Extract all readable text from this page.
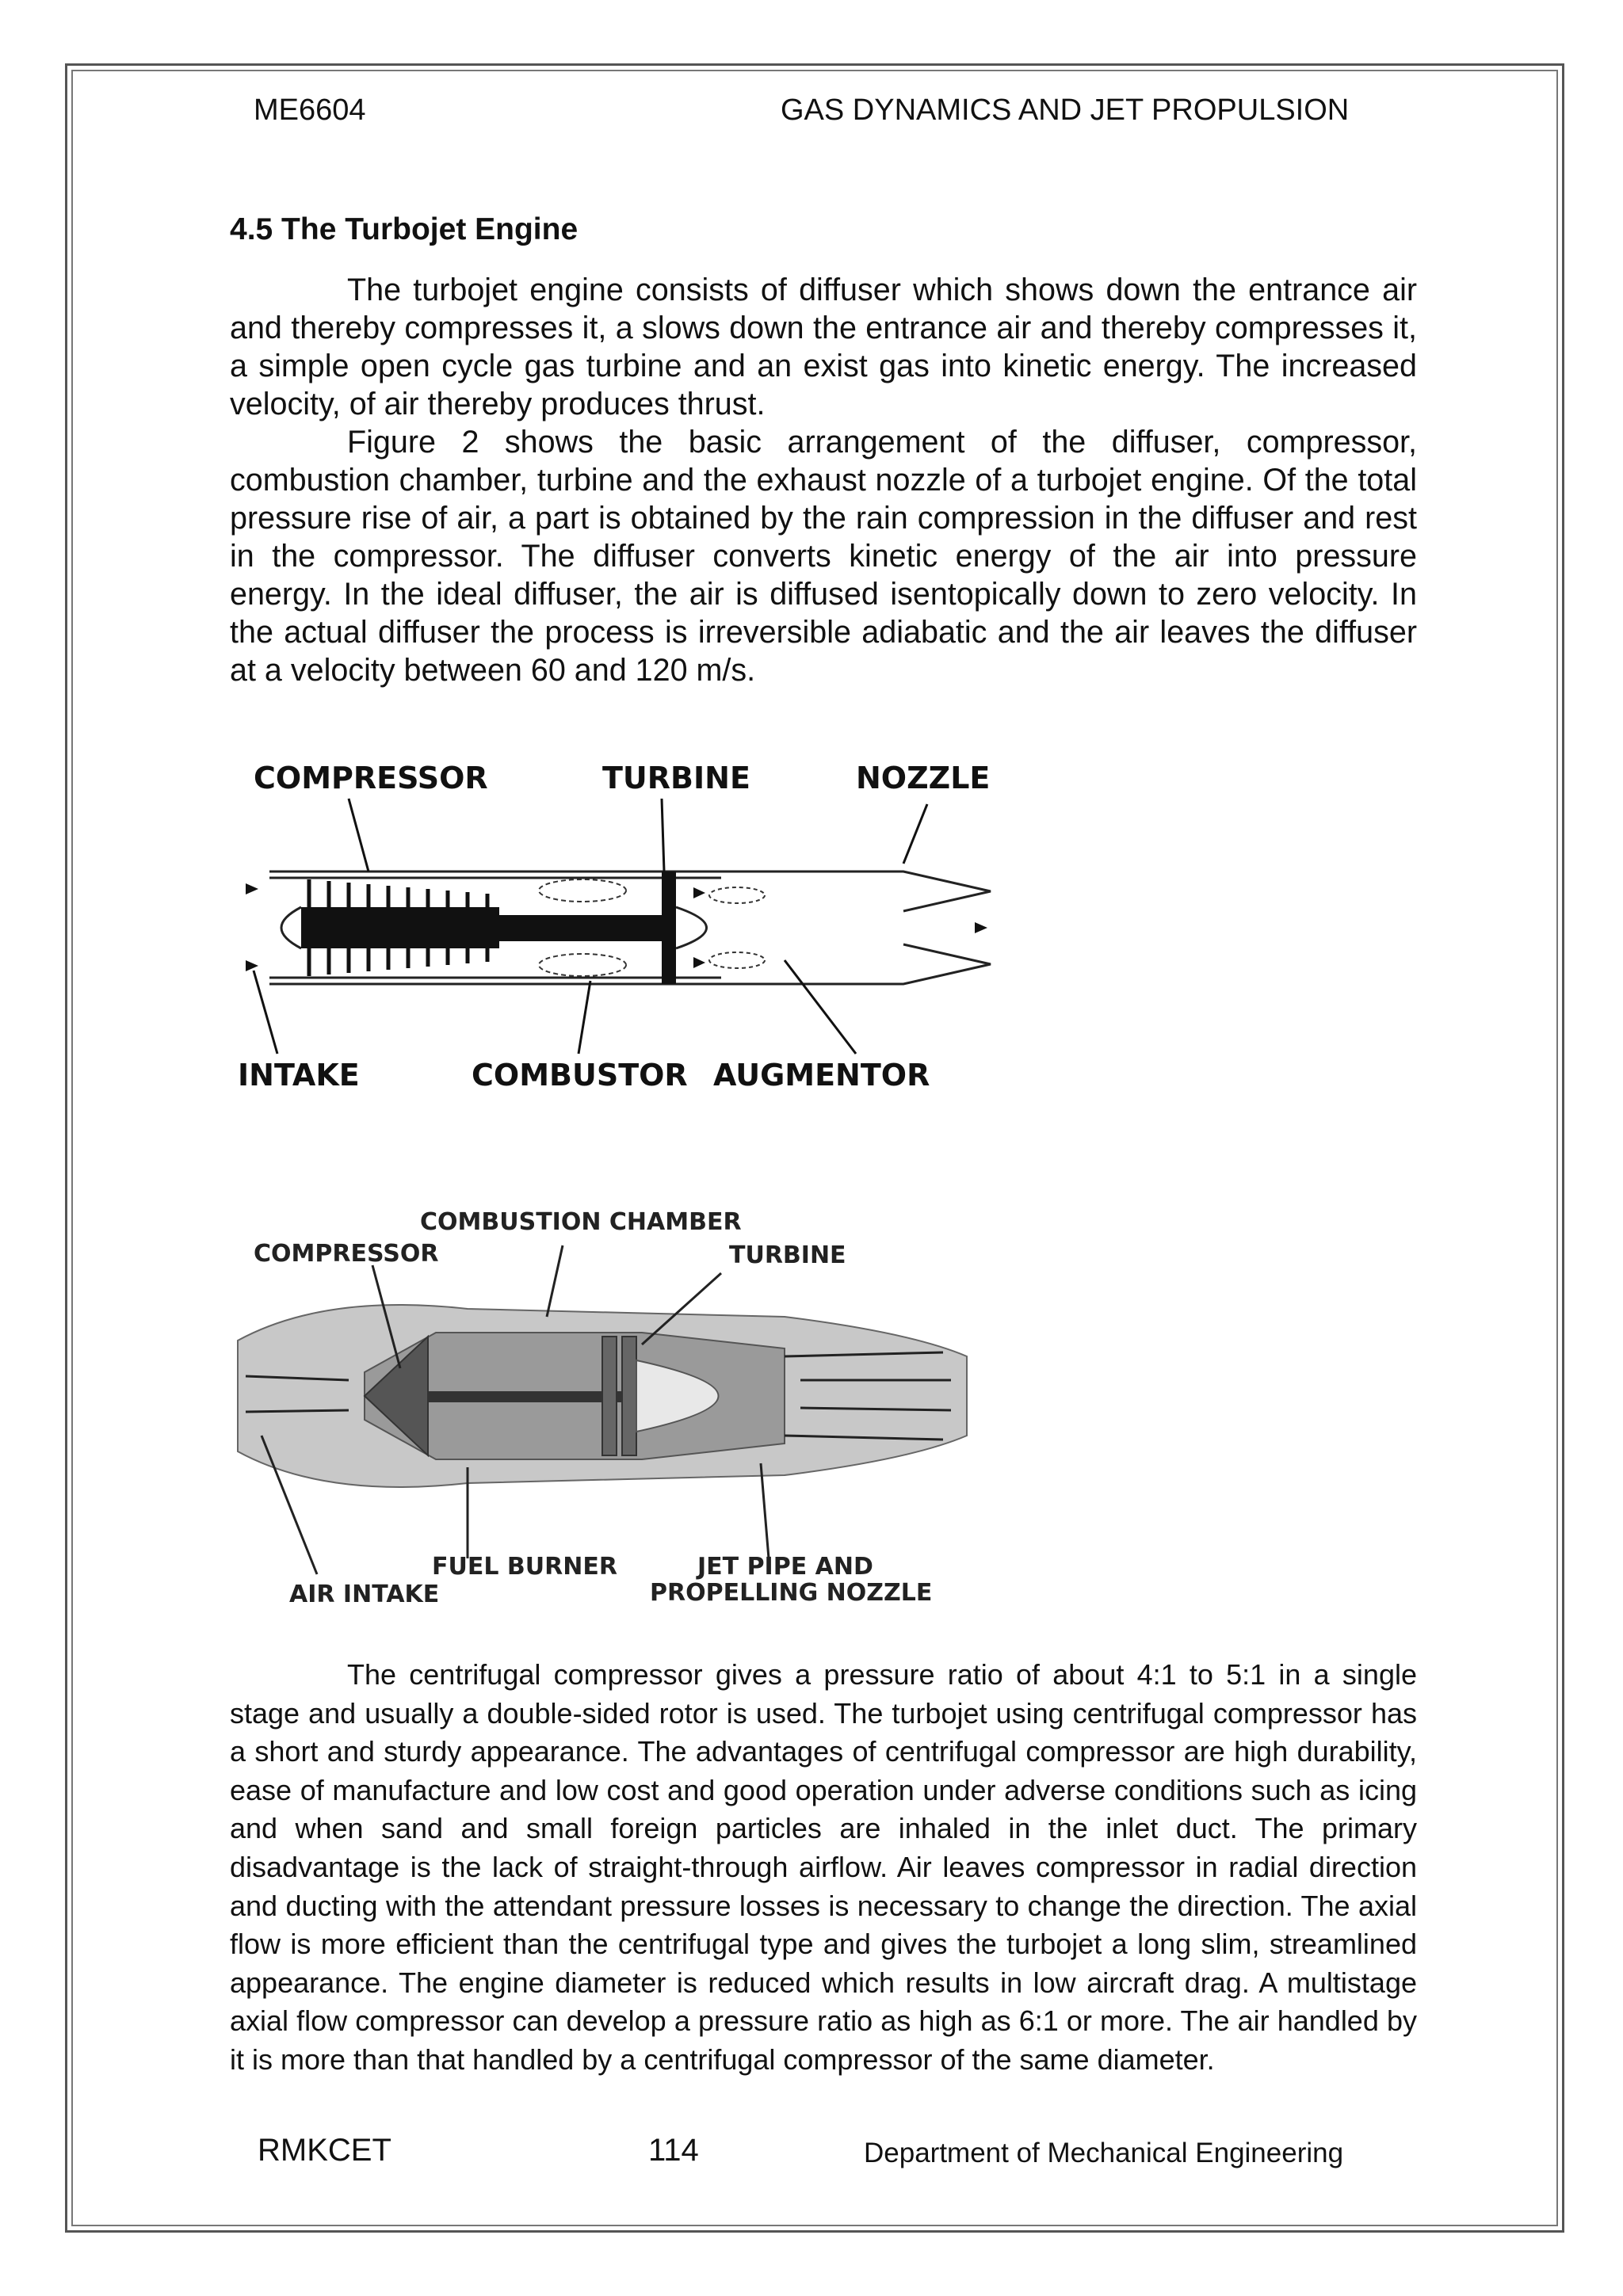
ME6604	GAS DYNAMICS AND JET PROPULSION
4.5 The Turbojet Engine

The turbojet engine consists of diffuser which shows down the entrance air and thereby compresses it, a slows down the entrance air and thereby compresses it, a simple open cycle gas turbine and an exist gas into kinetic energy. The increased velocity, of air thereby produces thrust.

Figure 2 shows the basic arrangement of the diffuser, compressor, combustion chamber, turbine and the exhaust nozzle of a turbojet engine. Of the total pressure rise of air, a part is obtained by the rain compression in the diffuser and rest in the compressor. The diffuser converts kinetic energy of the air into pressure energy. In the ideal diffuser, the air is diffused isentopically down to zero velocity. In the actual diffuser the process is irreversible adiabatic and the air leaves the diffuser at a velocity between 60 and 120 m/s.

COMPRESSOR	TURBINE	NOZZLE
INTAKE	COMBUSTOR AUGMENTOR
COMBUSTION CHAMBER
COMPRESSOR	TURBINE
FUEL BURNER
AIR INTAKE
JET PIPE AND
PROPELLING NOZZLE

The centrifugal compressor gives a pressure ratio of about 4:1 to 5:1 in a single stage and usually a double-sided rotor is used. The turbojet using centrifugal compressor has a short and sturdy appearance. The advantages of centrifugal compressor are high durability, ease of manufacture and low cost and good operation under adverse conditions such as icing and when sand and small foreign particles are inhaled in the inlet duct. The primary disadvantage is the lack of straight-through airflow. Air leaves compressor in radial direction and ducting with the attendant pressure losses is necessary to change the direction. The axial flow is more efficient than the centrifugal type and gives the turbojet a long slim, streamlined appearance. The engine diameter is reduced which results in low aircraft drag. A multistage axial flow compressor can develop a pressure ratio as high as 6:1 or more. The air handled by it is more than that handled by a centrifugal compressor of the same diameter.

RMKCET	114	Department of Mechanical Engineering
